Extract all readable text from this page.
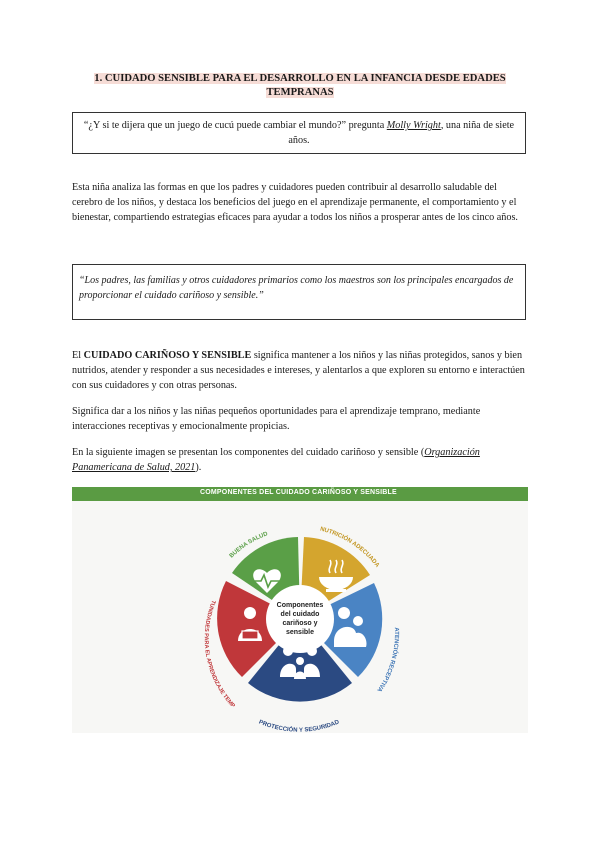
1. CUIDADO SENSIBLE PARA EL DESARROLLO EN LA INFANCIA DESDE EDADES
TEMPRANAS
“¿Y si te dijera que un juego de cucú puede cambiar el mundo?” pregunta Molly Wright, una niña de siete años.
Esta niña analiza las formas en que los padres y cuidadores pueden contribuir al desarrollo saludable del cerebro de los niños, y destaca los beneficios del juego en el aprendizaje permanente, el comportamiento y el bienestar, compartiendo estrategias eficaces para ayudar a todos los niños a prosperar antes de los cinco años.
“Los padres, las familias y otros cuidadores primarios como los maestros son los principales encargados de proporcionar el cuidado cariñoso y sensible.”
El CUIDADO CARIÑOSO Y SENSIBLE significa mantener a los niños y las niñas protegidos, sanos y bien nutridos, atender y responder a sus necesidades e intereses, y alentarlos a que exploren su entorno e interactúen con sus cuidadores y con otras personas.
Significa dar a los niños y las niñas pequeños oportunidades para el aprendizaje temprano, mediante interacciones receptivas y emocionalmente propicias.
En la siguiente imagen se presentan los componentes del cuidado cariñoso y sensible (Organización Panamericana de Salud, 2021).
COMPONENTES DEL CUIDADO CARIÑOSO Y SENSIBLE
Componentes
del cuidado
cariñoso y
sensible
BUENA SALUD
NUTRICIÓN ADECUADA
ATENCIÓN RECEPTIVA
PROTECCIÓN Y SEGURIDAD
TUNIDADES PARA EL APRENDIZAJE TEMP
